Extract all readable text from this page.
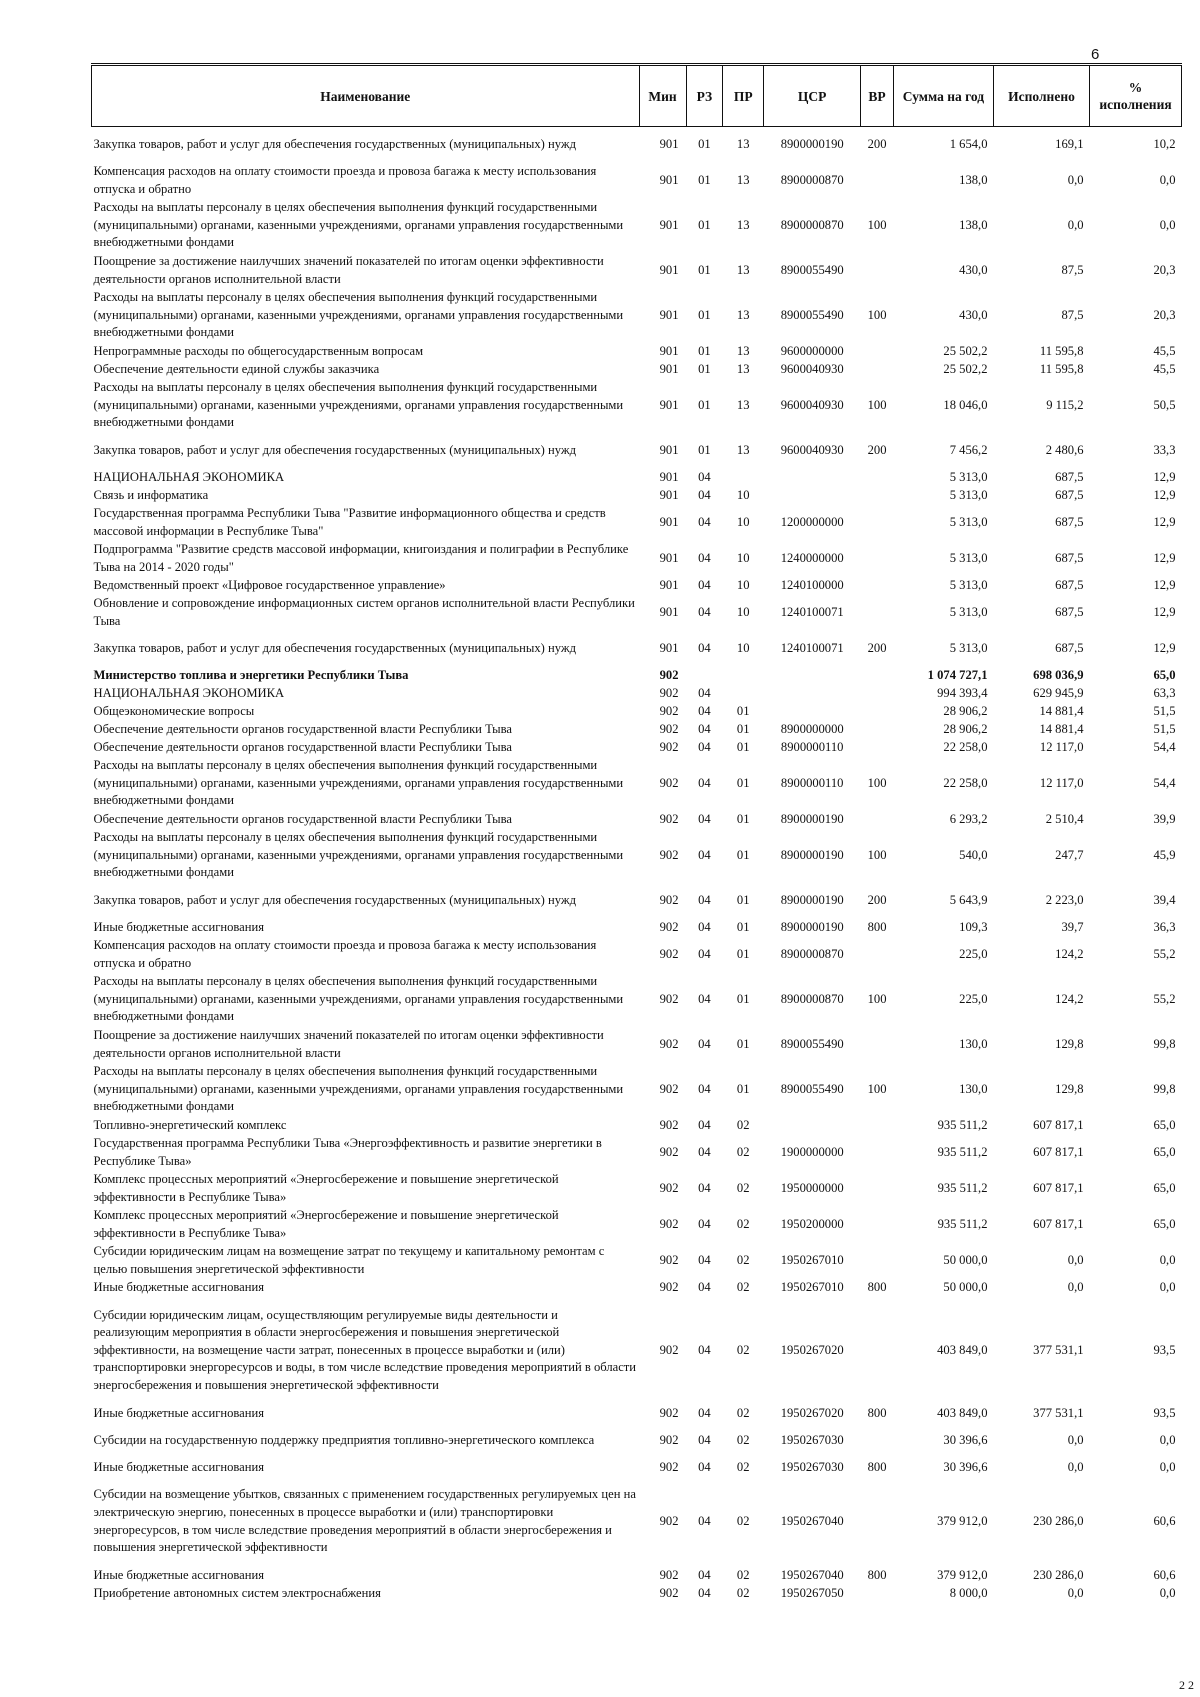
6
Наименование	Мин	РЗ	ПР	ЦСР	ВР	Сумма на год	Исполнено	% исполнения
Закупка товаров, работ и услуг для обеспечения государственных (муниципальных) нужд	901	01	13	8900000190	200	1 654,0	169,1	10,2
Компенсация расходов на оплату стоимости проезда и провоза багажа к месту использования отпуска и обратно	901	01	13	8900000870		138,0	0,0	0,0
Расходы на выплаты персоналу в целях обеспечения выполнения функций государственными (муниципальными) органами, казенными учреждениями, органами управления государственными внебюджетными фондами	901	01	13	8900000870	100	138,0	0,0	0,0
Поощрение за достижение наилучших значений показателей по итогам оценки эффективности деятельности органов исполнительной власти	901	01	13	8900055490		430,0	87,5	20,3
Расходы на выплаты персоналу в целях обеспечения выполнения функций государственными (муниципальными) органами, казенными учреждениями, органами управления государственными внебюджетными фондами	901	01	13	8900055490	100	430,0	87,5	20,3
Непрограммные расходы по общегосударственным вопросам	901	01	13	9600000000		25 502,2	11 595,8	45,5
Обеспечение деятельности единой службы заказчика	901	01	13	9600040930		25 502,2	11 595,8	45,5
Расходы на выплаты персоналу в целях обеспечения выполнения функций государственными (муниципальными) органами, казенными учреждениями, органами управления государственными внебюджетными фондами	901	01	13	9600040930	100	18 046,0	9 115,2	50,5
Закупка товаров, работ и услуг для обеспечения государственных (муниципальных) нужд	901	01	13	9600040930	200	7 456,2	2 480,6	33,3
НАЦИОНАЛЬНАЯ ЭКОНОМИКА	901	04				5 313,0	687,5	12,9
Связь и информатика	901	04	10			5 313,0	687,5	12,9
Государственная программа Республики Тыва "Развитие информационного общества и средств массовой информации в Республике Тыва"	901	04	10	1200000000		5 313,0	687,5	12,9
Подпрограмма "Развитие средств массовой информации, книгоиздания и полиграфии в Республике Тыва на 2014 - 2020 годы"	901	04	10	1240000000		5 313,0	687,5	12,9
Ведомственный проект «Цифровое государственное управление»	901	04	10	1240100000		5 313,0	687,5	12,9
Обновление и сопровождение информационных систем органов исполнительной власти Республики Тыва	901	04	10	1240100071		5 313,0	687,5	12,9
Закупка товаров, работ и услуг для обеспечения государственных (муниципальных) нужд	901	04	10	1240100071	200	5 313,0	687,5	12,9
Министерство топлива и энергетики Республики Тыва	902					1 074 727,1	698 036,9	65,0
НАЦИОНАЛЬНАЯ ЭКОНОМИКА	902	04				994 393,4	629 945,9	63,3
Общеэкономические вопросы	902	04	01			28 906,2	14 881,4	51,5
Обеспечение деятельности органов государственной власти Республики Тыва	902	04	01	8900000000		28 906,2	14 881,4	51,5
Обеспечение деятельности органов государственной власти Республики Тыва	902	04	01	8900000110		22 258,0	12 117,0	54,4
Расходы на выплаты персоналу в целях обеспечения выполнения функций государственными (муниципальными) органами, казенными учреждениями, органами управления государственными внебюджетными фондами	902	04	01	8900000110	100	22 258,0	12 117,0	54,4
Обеспечение деятельности органов государственной власти Республики Тыва	902	04	01	8900000190		6 293,2	2 510,4	39,9
Расходы на выплаты персоналу в целях обеспечения выполнения функций государственными (муниципальными) органами, казенными учреждениями, органами управления государственными внебюджетными фондами	902	04	01	8900000190	100	540,0	247,7	45,9
Закупка товаров, работ и услуг для обеспечения государственных (муниципальных) нужд	902	04	01	8900000190	200	5 643,9	2 223,0	39,4
Иные бюджетные ассигнования	902	04	01	8900000190	800	109,3	39,7	36,3
Компенсация расходов на оплату стоимости проезда и провоза багажа к месту использования отпуска и обратно	902	04	01	8900000870		225,0	124,2	55,2
Расходы на выплаты персоналу в целях обеспечения выполнения функций государственными (муниципальными) органами, казенными учреждениями, органами управления государственными внебюджетными фондами	902	04	01	8900000870	100	225,0	124,2	55,2
Поощрение за достижение наилучших значений показателей по итогам оценки эффективности деятельности органов исполнительной власти	902	04	01	8900055490		130,0	129,8	99,8
Расходы на выплаты персоналу в целях обеспечения выполнения функций государственными (муниципальными) органами, казенными учреждениями, органами управления государственными внебюджетными фондами	902	04	01	8900055490	100	130,0	129,8	99,8
Топливно-энергетический комплекс	902	04	02			935 511,2	607 817,1	65,0
Государственная программа Республики Тыва «Энергоэффективность и развитие энергетики в Республике Тыва»	902	04	02	1900000000		935 511,2	607 817,1	65,0
Комплекс процессных мероприятий «Энергосбережение и повышение энергетической эффективности в Республике Тыва»	902	04	02	1950000000		935 511,2	607 817,1	65,0
Комплекс процессных мероприятий «Энергосбережение и повышение энергетической эффективности в Республике Тыва»	902	04	02	1950200000		935 511,2	607 817,1	65,0
Субсидии юридическим лицам на возмещение затрат по текущему и капитальному ремонтам с целью повышения энергетической эффективности	902	04	02	1950267010		50 000,0	0,0	0,0
Иные бюджетные ассигнования	902	04	02	1950267010	800	50 000,0	0,0	0,0
Субсидии юридическим лицам, осуществляющим регулируемые виды деятельности и реализующим мероприятия в области энергосбережения и повышения энергетической эффективности, на возмещение части затрат, понесенных в процессе выработки и (или) транспортировки энергоресурсов и воды, в том числе вследствие проведения мероприятий в области энергосбережения и повышения энергетической эффективности	902	04	02	1950267020		403 849,0	377 531,1	93,5
Иные бюджетные ассигнования	902	04	02	1950267020	800	403 849,0	377 531,1	93,5
Субсидии на государственную поддержку предприятия топливно-энергетического комплекса	902	04	02	1950267030		30 396,6	0,0	0,0
Иные бюджетные ассигнования	902	04	02	1950267030	800	30 396,6	0,0	0,0
Субсидии на возмещение убытков, связанных с применением государственных регулируемых цен на электрическую энергию, понесенных в процессе выработки и (или) транспортировки энергоресурсов, в том числе вследствие проведения мероприятий в области энергосбережения и повышения энергетической эффективности	902	04	02	1950267040		379 912,0	230 286,0	60,6
Иные бюджетные ассигнования	902	04	02	1950267040	800	379 912,0	230 286,0	60,6
Приобретение автономных систем электроснабжения	902	04	02	1950267050		8 000,0	0,0	0,0
2 2
